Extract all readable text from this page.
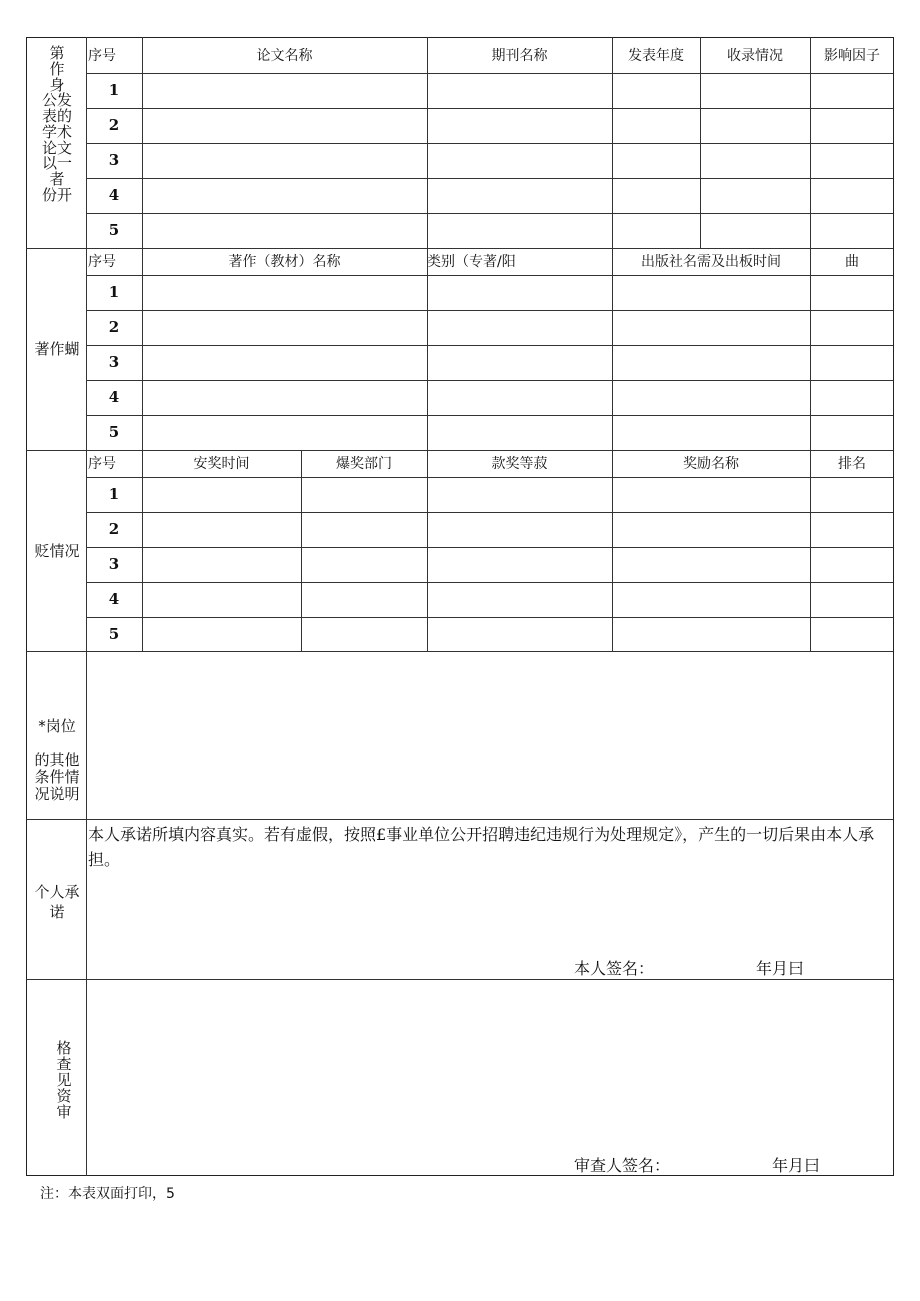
第
作
身
公发
表的
学术
论文
以一
者
份开
序号	论文名称	期刊名称	发表年度	收录情况	影响因子
1
2
3
4
5
著作蝴
序号	著作（教材）名称	类别（专著/阳	出版社名需及出板时间	曲
1
2
3
4
5
贬情况
序号	安奖时间	爆奖部门	款奖等菽	奖励名称	排名
1
2
3
4
5
*岗位
的其他
条件情
况说明
个人承
诺
本人承诺所填内容真实。若有虚假，按照£事业单位公开招聘违纪违规行为处理规定》，产生的一切后果由本人承担。
本人签名：	年月曰
格
查
见
资
审
审查人签名：	年月曰
注：本表双面打印，5
